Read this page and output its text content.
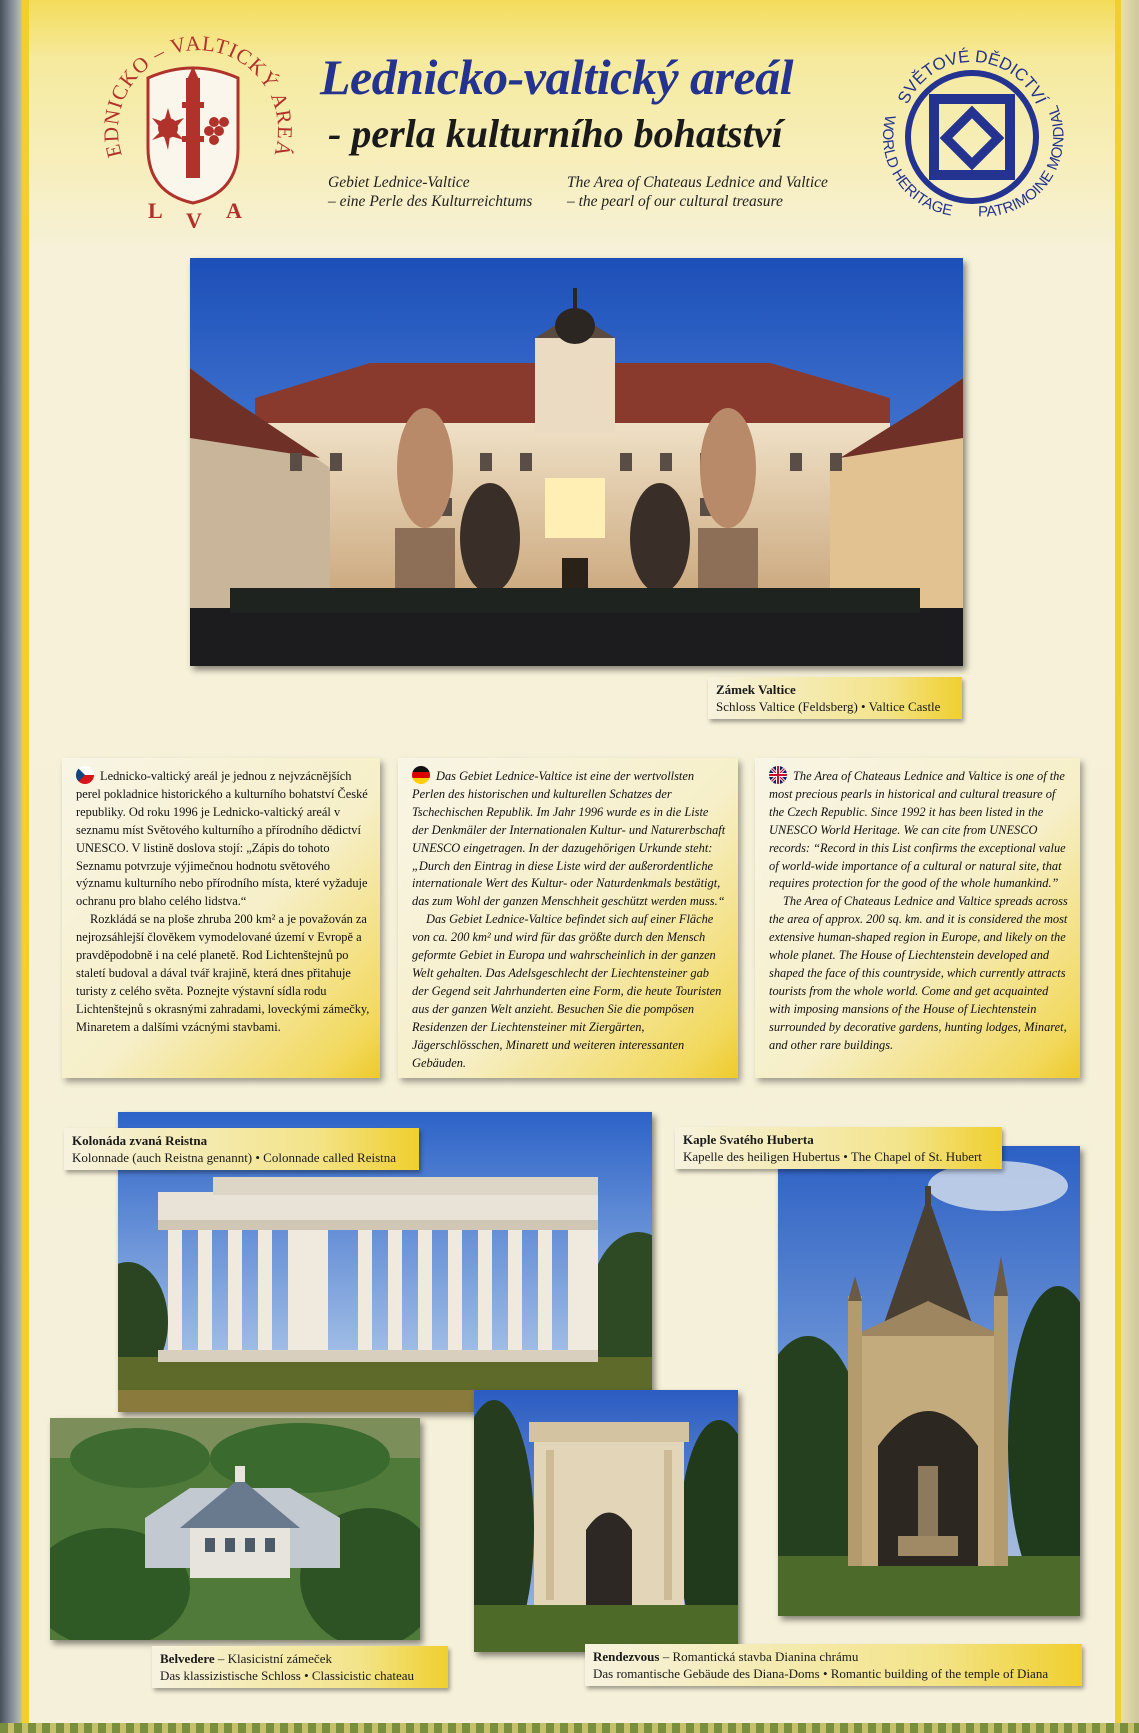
EDNICKO – VALTICKÝ AREÁ
L V A
Lednicko-valtický areál
- perla kulturního bohatství
Gebiet Lednice-Valtice
– eine Perle des Kulturreichtums
The Area of Chateaus Lednice and Valtice
– the pearl of our cultural treasure
SVĚTOVÉ DĚDICTVÍ
WORLD HERITAGE PATRIMOINE MONDIAL
Zámek Valtice
Schloss Valtice (Feldsberg) • Valtice Castle

Lednicko-valtický areál je jednou z nejvzácnějších perel pokladnice historického a kulturního bohatství České republiky. Od roku 1996 je Lednicko-valtický areál v seznamu míst Světového kulturního a přírodního dědictví UNESCO. V listině doslova stojí: „Zápis do tohoto Seznamu potvrzuje výjimečnou hodnotu světového významu kulturního nebo přírodního místa, které vyžaduje ochranu pro blaho celého lidstva.“

Rozkládá se na ploše zhruba 200 km² a je považován za nejrozsáhlejší člověkem vymodelované území v Evropě a pravděpodobně i na celé planetě. Rod Lichtenštejnů po staletí budoval a dával tvář krajině, která dnes přitahuje turisty z celého světa. Poznejte výstavní sídla rodu Lichtenštejnů s okrasnými zahradami, loveckými zámečky, Minaretem a dalšími vzácnými stavbami.

Das Gebiet Lednice-Valtice ist eine der wertvollsten Perlen des historischen und kulturellen Schatzes der Tschechischen Republik. Im Jahr 1996 wurde es in die Liste der Denkmäler der Internationalen Kultur- und Naturerbschaft UNESCO eingetragen. In der dazugehörigen Urkunde steht: „Durch den Eintrag in diese Liste wird der außerordentliche internationale Wert des Kultur- oder Naturdenkmals bestätigt, das zum Wohl der ganzen Menschheit geschützt werden muss.“

Das Gebiet Lednice-Valtice befindet sich auf einer Fläche von ca. 200 km² und wird für das größte durch den Mensch geformte Gebiet in Europa und wahrscheinlich in der ganzen Welt gehalten. Das Adelsgeschlecht der Liechtensteiner gab der Gegend seit Jahrhunderten eine Form, die heute Touristen aus der ganzen Welt anzieht. Besuchen Sie die pompösen Residenzen der Liechtensteiner mit Ziergärten, Jägerschlösschen, Minarett und weiteren interessanten Gebäuden.

The Area of Chateaus Lednice and Valtice is one of the most precious pearls in historical and cultural treasure of the Czech Republic. Since 1992 it has been listed in the UNESCO World Heritage. We can cite from UNESCO records: “Record in this List confirms the exceptional value of world-wide importance of a cultural or natural site, that requires protection for the good of the whole humankind.”

The Area of Chateaus Lednice and Valtice spreads across the area of approx. 200 sq. km. and it is considered the most extensive human-shaped region in Europe, and likely on the whole planet. The House of Liechtenstein developed and shaped the face of this countryside, which currently attracts tourists from the whole world. Come and get acquainted with imposing mansions of the House of Liechtenstein surrounded by decorative gardens, hunting lodges, Minaret, and other rare buildings.

Kolonáda zvaná Reistna
Kolonnade (auch Reistna genannt) • Colonnade called Reistna
Kaple Svatého Huberta
Kapelle des heiligen Hubertus • The Chapel of St. Hubert
Belvedere – Klasicistní zámeček
Das klassizistische Schloss • Classicistic chateau
Rendezvous – Romantická stavba Dianina chrámu
Das romantische Gebäude des Diana-Doms • Romantic building of the temple of Diana
